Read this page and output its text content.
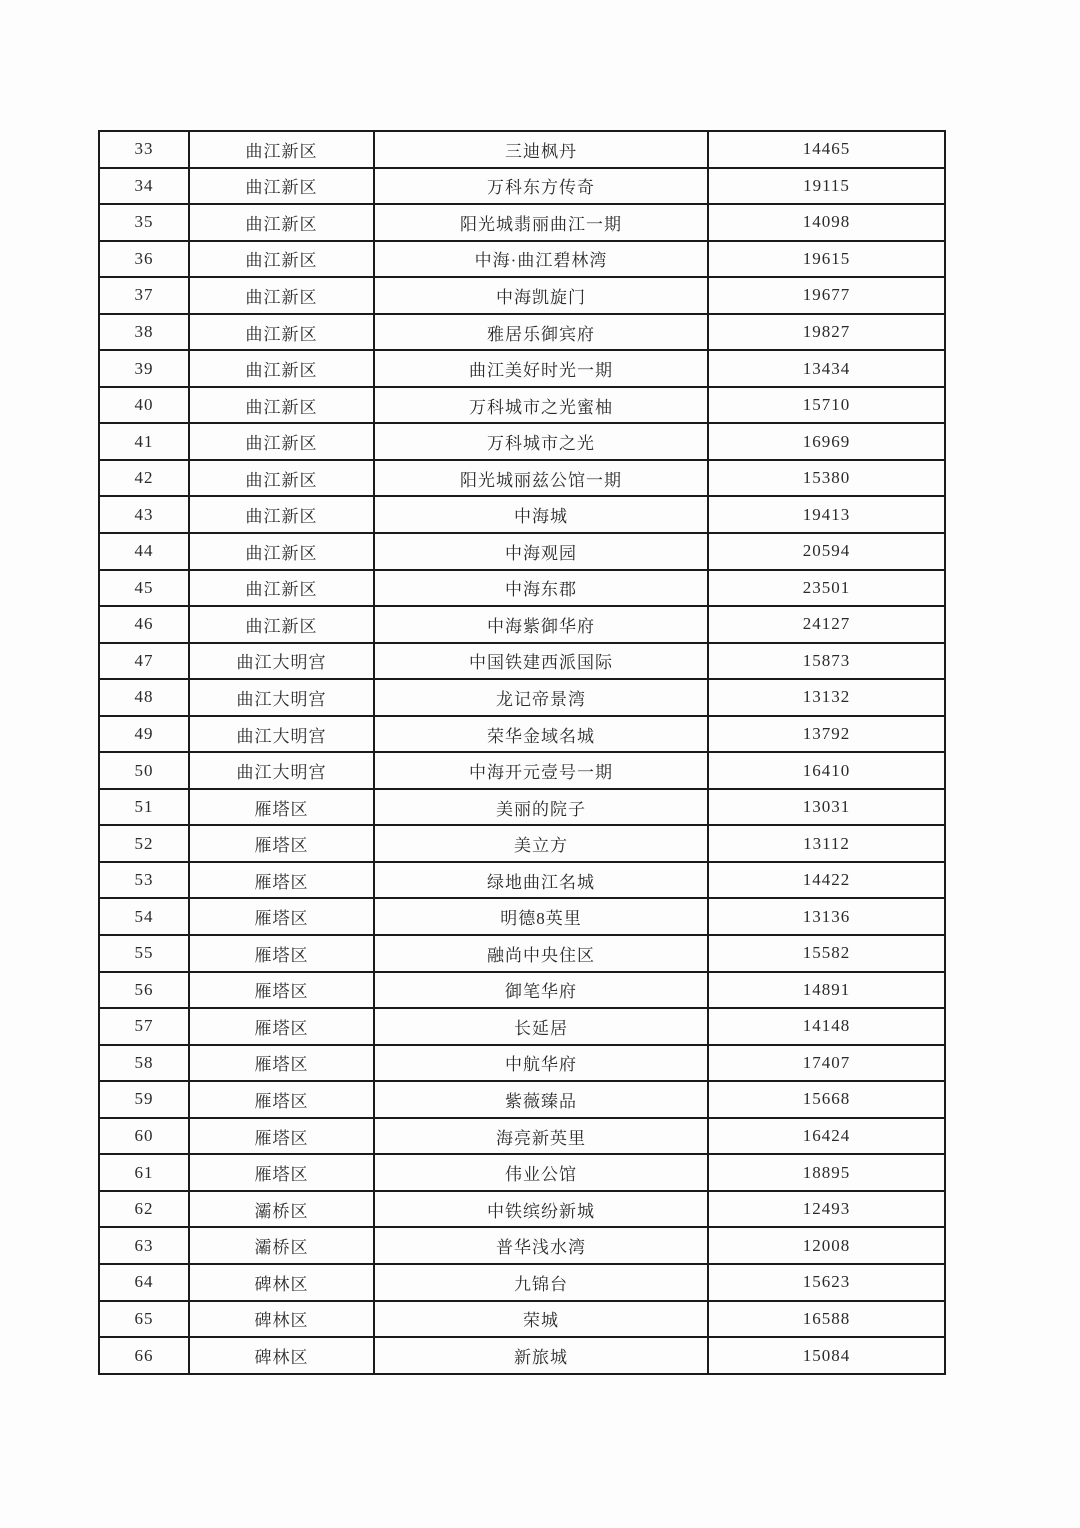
33	曲江新区	三迪枫丹	14465
34	曲江新区	万科东方传奇	19115
35	曲江新区	阳光城翡丽曲江一期	14098
36	曲江新区	中海·曲江碧林湾	19615
37	曲江新区	中海凯旋门	19677
38	曲江新区	雅居乐御宾府	19827
39	曲江新区	曲江美好时光一期	13434
40	曲江新区	万科城市之光蜜柚	15710
41	曲江新区	万科城市之光	16969
42	曲江新区	阳光城丽兹公馆一期	15380
43	曲江新区	中海城	19413
44	曲江新区	中海观园	20594
45	曲江新区	中海东郡	23501
46	曲江新区	中海紫御华府	24127
47	曲江大明宫	中国铁建西派国际	15873
48	曲江大明宫	龙记帝景湾	13132
49	曲江大明宫	荣华金域名城	13792
50	曲江大明宫	中海开元壹号一期	16410
51	雁塔区	美丽的院子	13031
52	雁塔区	美立方	13112
53	雁塔区	绿地曲江名城	14422
54	雁塔区	明德8英里	13136
55	雁塔区	融尚中央住区	15582
56	雁塔区	御笔华府	14891
57	雁塔区	长延居	14148
58	雁塔区	中航华府	17407
59	雁塔区	紫薇臻品	15668
60	雁塔区	海亮新英里	16424
61	雁塔区	伟业公馆	18895
62	灞桥区	中铁缤纷新城	12493
63	灞桥区	普华浅水湾	12008
64	碑林区	九锦台	15623
65	碑林区	荣城	16588
66	碑林区	新旅城	15084
